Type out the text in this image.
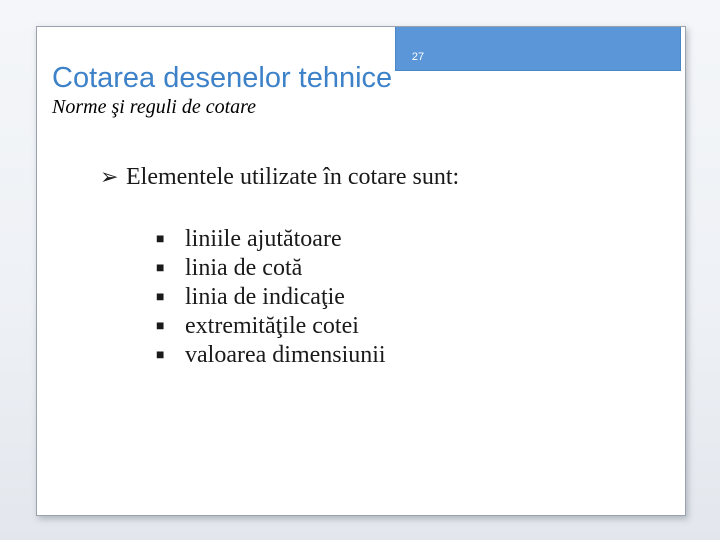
27
Cotarea desenelor tehnice
Norme şi reguli de cotare
➢ Elementele utilizate în cotare sunt:
■ liniile ajutătoare
■ linia de cotă
■ linia de indicaţie
■ extremităţile cotei
■ valoarea dimensiunii
